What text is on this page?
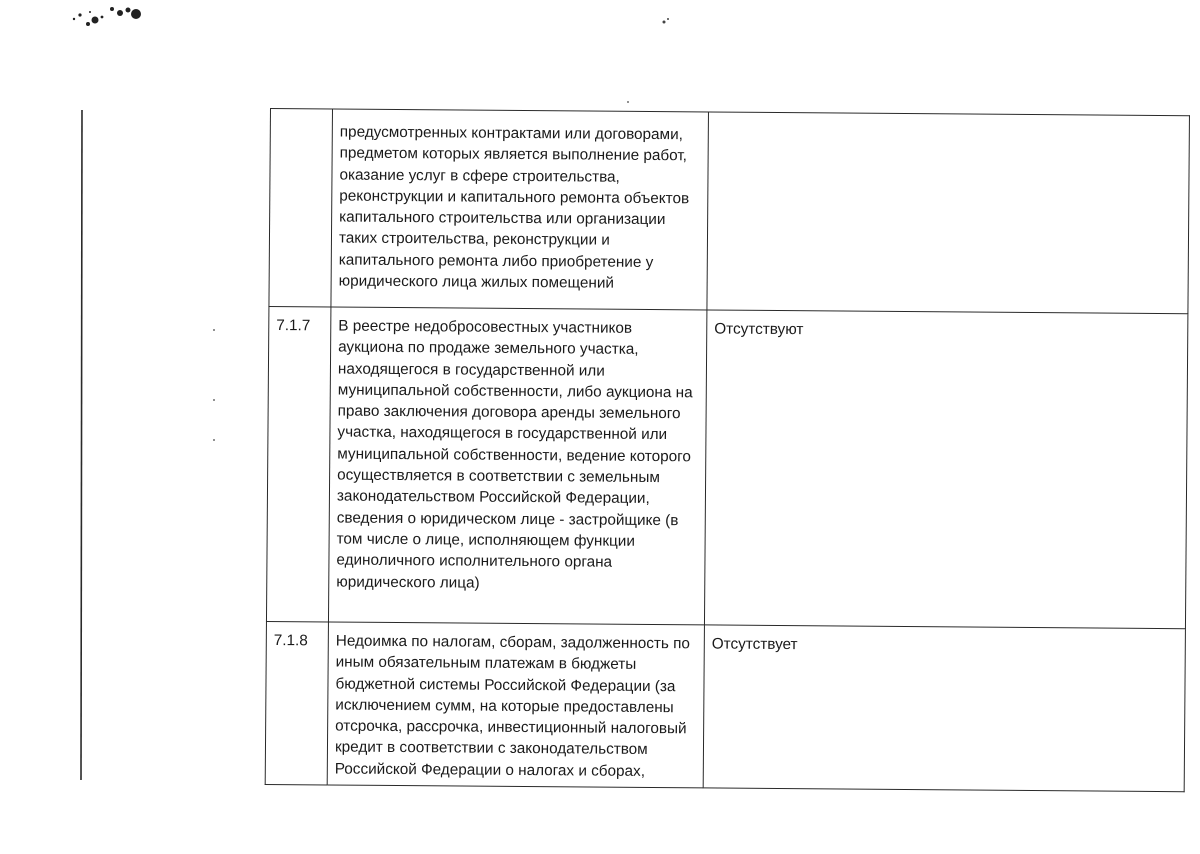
	предусмотренных контрактами или договорами, предметом которых является выполнение работ, оказание услуг в сфере строительства, реконструкции и капитального ремонта объектов капитального строительства или организации таких строительства, реконструкции и капитального ремонта либо приобретение у юридического лица жилых помещений	
7.1.7	В реестре недобросовестных участников аукциона по продаже земельного участка, находящегося в государственной или муниципальной собственности, либо аукциона на право заключения договора аренды земельного участка, находящегося в государственной или муниципальной собственности, ведение которого осуществляется в соответствии с земельным законодательством Российской Федерации, сведения о юридическом лице - застройщике (в том числе о лице, исполняющем функции единоличного исполнительного органа юридического лица)	Отсутствуют
7.1.8	Недоимка по налогам, сборам, задолженность по иным обязательным платежам в бюджеты бюджетной системы Российской Федерации (за исключением сумм, на которые предоставлены отсрочка, рассрочка, инвестиционный налоговый кредит в соответствии с законодательством Российской Федерации о налогах и сборах,	Отсутствует
